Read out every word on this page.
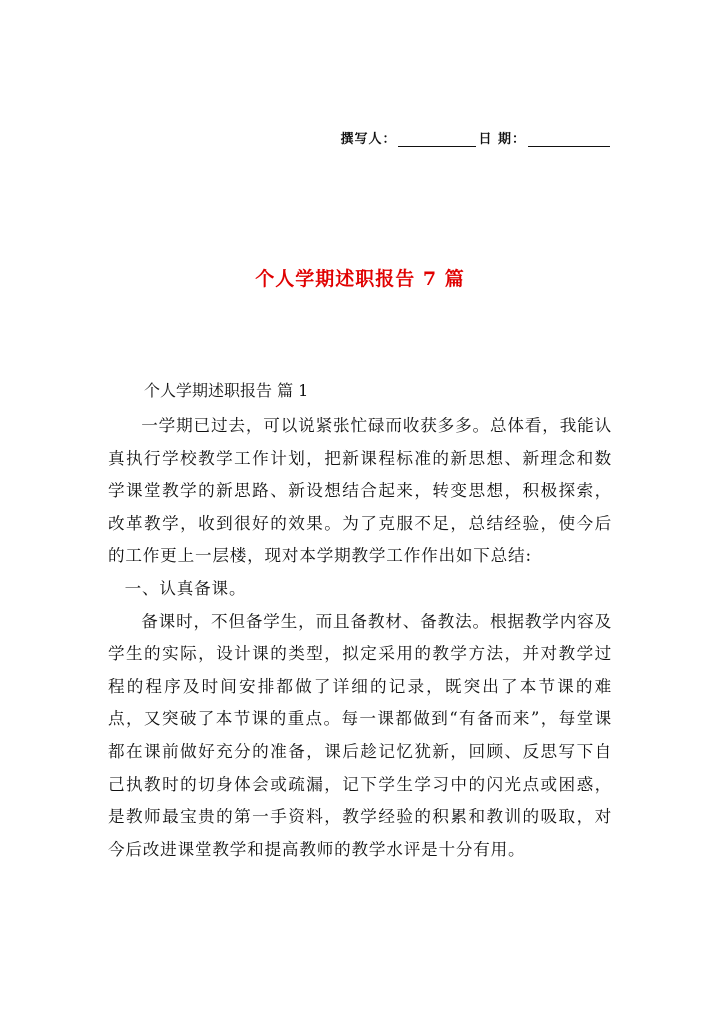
撰写人：	日 期：
个人学期述职报告 7 篇
个人学期述职报告 篇 1

一学期已过去，可以说紧张忙碌而收获多多。总体看，我能认真执行学校教学工作计划，把新课程标准的新思想、新理念和数学课堂教学的新思路、新设想结合起来，转变思想，积极探索，改革教学，收到很好的效果。为了克服不足，总结经验，使今后的工作更上一层楼，现对本学期教学工作作出如下总结:

一、认真备课。

备课时，不但备学生，而且备教材、备教法。根据教学内容及学生的实际，设计课的类型，拟定采用的教学方法，并对教学过程的程序及时间安排都做了详细的记录，既突出了本节课的难点，又突破了本节课的重点。每一课都做到“有备而来”，每堂课都在课前做好充分的准备，课后趁记忆犹新，回顾、反思写下自己执教时的切身体会或疏漏，记下学生学习中的闪光点或困惑，是教师最宝贵的第一手资料，教学经验的积累和教训的吸取，对今后改进课堂教学和提高教师的教学水评是十分有用。
